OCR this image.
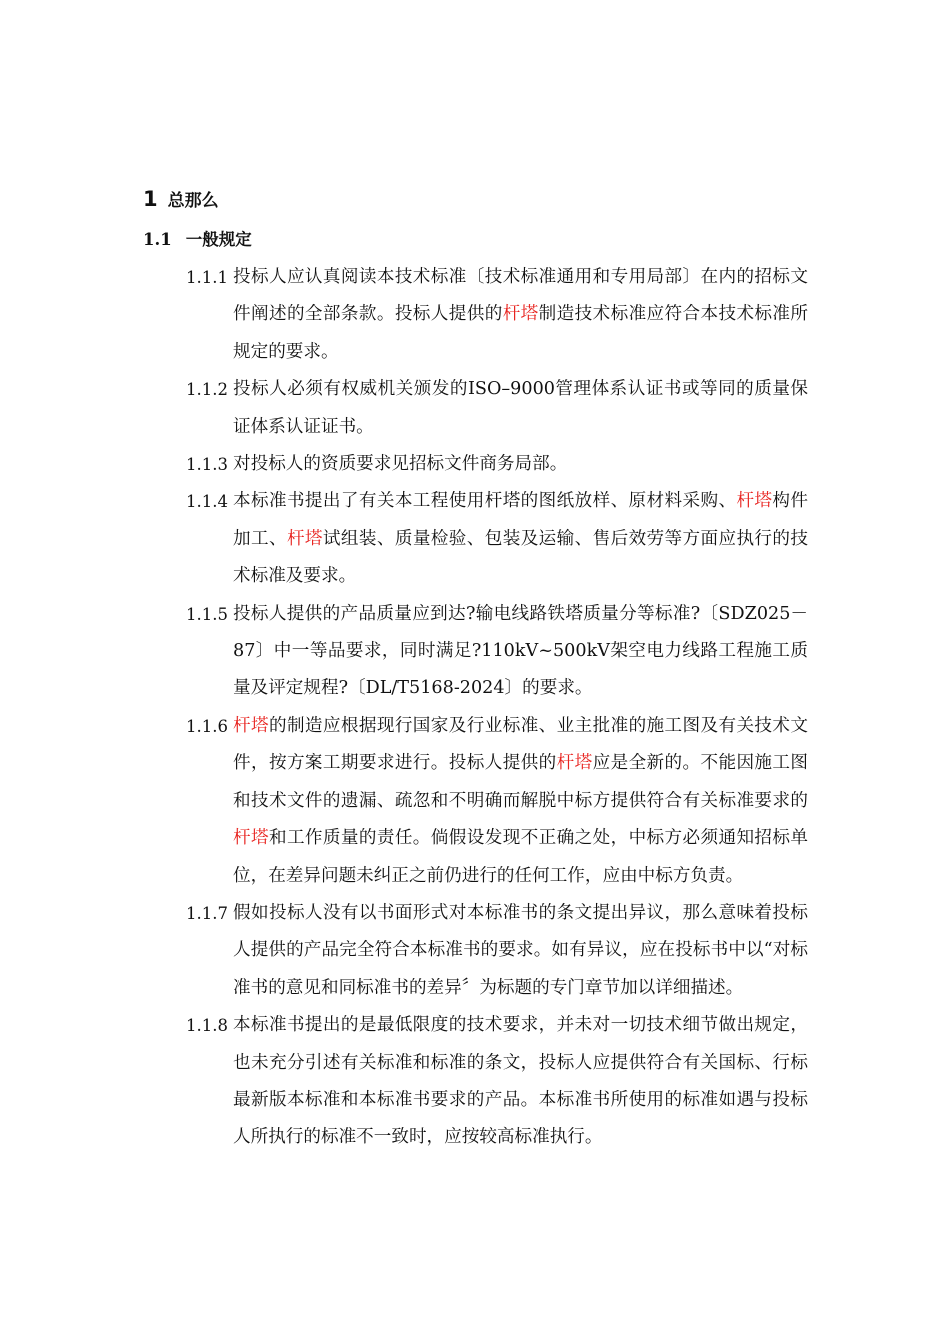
1 总那么
1.1 一般规定
1.1.1 投标人应认真阅读本技术标准〔技术标准通用和专用局部〕在内的招标文件阐述的全部条款。投标人提供的杆塔制造技术标准应符合本技术标准所规定的要求。
1.1.2 投标人必须有权威机关颁发的ISO–9000管理体系认证书或等同的质量保证体系认证证书。
1.1.3 对投标人的资质要求见招标文件商务局部。
1.1.4 本标准书提出了有关本工程使用杆塔的图纸放样、原材料采购、杆塔构件加工、杆塔试组装、质量检验、包装及运输、售后效劳等方面应执行的技术标准及要求。
1.1.5 投标人提供的产品质量应到达?输电线路铁塔质量分等标准?〔SDZ025－87〕中一等品要求，同时满足?110kV~500kV架空电力线路工程施工质量及评定规程?〔DL/T5168-2024〕的要求。
1.1.6 杆塔的制造应根据现行国家及行业标准、业主批准的施工图及有关技术文件，按方案工期要求进行。投标人提供的杆塔应是全新的。不能因施工图和技术文件的遗漏、疏忽和不明确而解脱中标方提供符合有关标准要求的杆塔和工作质量的责任。倘假设发现不正确之处，中标方必须通知招标单位，在差异问题未纠正之前仍进行的任何工作，应由中标方负责。
1.1.7 假如投标人没有以书面形式对本标准书的条文提出异议，那么意味着投标人提供的产品完全符合本标准书的要求。如有异议，应在投标书中以“对标准书的意见和同标准书的差异〞为标题的专门章节加以详细描述。
1.1.8 本标准书提出的是最低限度的技术要求，并未对一切技术细节做出规定，也未充分引述有关标准和标准的条文，投标人应提供符合有关国标、行标最新版本标准和本标准书要求的产品。本标准书所使用的标准如遇与投标人所执行的标准不一致时，应按较高标准执行。
